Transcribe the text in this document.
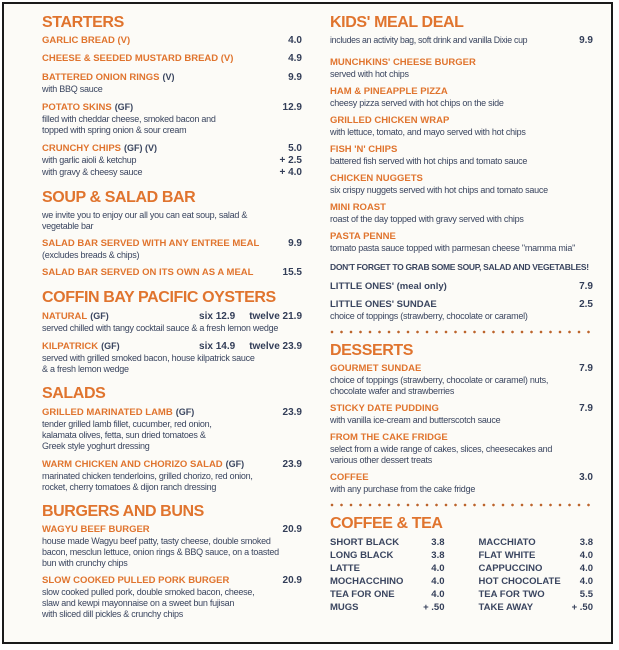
STARTERS
GARLIC BREAD (V)	4.0
CHEESE & SEEDED MUSTARD BREAD (V)	4.9
BATTERED ONION RINGS (V)	9.9
with BBQ sauce
POTATO SKINS (GF)	12.9
filled with cheddar cheese, smoked bacon and
topped with spring onion & sour cream
CRUNCHY CHIPS (GF) (V)	5.0
with garlic aioli & ketchup	+ 2.5
with gravy & cheesy sauce	+ 4.0
SOUP & SALAD BAR
we invite you to enjoy our all you can eat soup, salad &
vegetable bar
SALAD BAR SERVED WITH ANY ENTREE MEAL	9.9
(excludes breads & chips)
SALAD BAR SERVED ON ITS OWN AS A MEAL	15.5
COFFIN BAY PACIFIC OYSTERS
NATURAL (GF)	six 12.9 twelve 21.9
served chilled with tangy cocktail sauce & a fresh lemon wedge
KILPATRICK (GF)	six 14.9 twelve 23.9
served with grilled smoked bacon, house kilpatrick sauce
& a fresh lemon wedge
SALADS
GRILLED MARINATED LAMB (GF)	23.9
tender grilled lamb fillet, cucumber, red onion,
kalamata olives, fetta, sun dried tomatoes &
Greek style yoghurt dressing
WARM CHICKEN AND CHORIZO SALAD (GF)	23.9
marinated chicken tenderloins, grilled chorizo, red onion,
rocket, cherry tomatoes & dijon ranch dressing
BURGERS AND BUNS
WAGYU BEEF BURGER	20.9
house made Wagyu beef patty, tasty cheese, double smoked
bacon, mesclun lettuce, onion rings & BBQ sauce, on a toasted
bun with crunchy chips
SLOW COOKED PULLED PORK BURGER	20.9
slow cooked pulled pork, double smoked bacon, cheese,
slaw and kewpi mayonnaise on a sweet bun fujisan
with sliced dill pickles & crunchy chips
KIDS' MEAL DEAL
includes an activity bag, soft drink and vanilla Dixie cup	9.9
MUNCHKINS' CHEESE BURGER
served with hot chips
HAM & PINEAPPLE PIZZA
cheesy pizza served with hot chips on the side
GRILLED CHICKEN WRAP
with lettuce, tomato, and mayo served with hot chips
FISH 'N' CHIPS
battered fish served with hot chips and tomato sauce
CHICKEN NUGGETS
six crispy nuggets served with hot chips and tomato sauce
MINI ROAST
roast of the day topped with gravy served with chips
PASTA PENNE
tomato pasta sauce topped with parmesan cheese "mamma mia"
DON'T FORGET TO GRAB SOME SOUP, SALAD AND VEGETABLES!
LITTLE ONES' (meal only)	7.9
LITTLE ONES' SUNDAE	2.5
choice of toppings (strawberry, chocolate or caramel)
DESSERTS
GOURMET SUNDAE	7.9
choice of toppings (strawberry, chocolate or caramel) nuts,
chocolate wafer and strawberries
STICKY DATE PUDDING	7.9
with vanilla ice-cream and butterscotch sauce
FROM THE CAKE FRIDGE
select from a wide range of cakes, slices, cheesecakes and
various other dessert treats
COFFEE	3.0
with any purchase from the cake fridge
COFFEE & TEA
SHORT BLACK	3.8
LONG BLACK	3.8
LATTE	4.0
MOCHACCHINO	4.0
TEA FOR ONE	4.0
MUGS	+ .50
MACCHIATO	3.8
FLAT WHITE	4.0
CAPPUCCINO	4.0
HOT CHOCOLATE 4.0
TEA FOR TWO	5.5
TAKE AWAY	+ .50
